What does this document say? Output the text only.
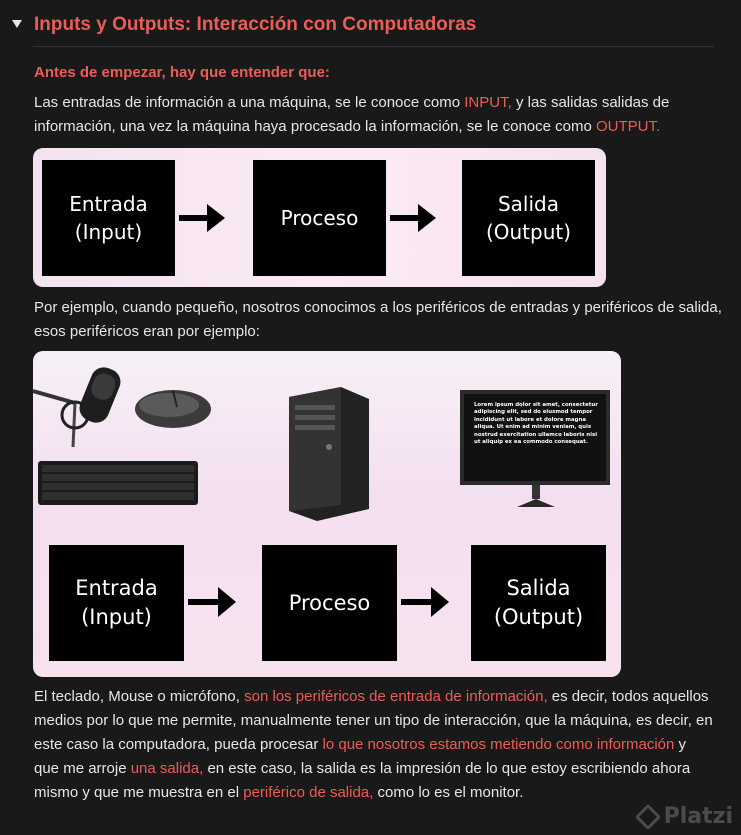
Inputs y Outputs: Interacción con Computadoras
Antes de empezar, hay que entender que:
Las entradas de información a una máquina, se le conoce como INPUT, y las salidas salidas de información, una vez la máquina haya procesado la información, se le conoce como OUTPUT.
Entrada
(Input)
Proceso
Salida
(Output)
Por ejemplo, cuando pequeño, nosotros conocimos a los periféricos de entradas y periféricos de salida, esos periféricos eran por ejemplo:
Lorem ipsum dolor sit amet, consectetur adipiscing elit, sed do eiusmod tempor incididunt ut labore et dolore magna aliqua. Ut enim ad minim veniam, quis nostrud exercitation ullamco laboris nisi ut aliquip ex ea commodo consequat.
Entrada
(Input)
Proceso
Salida
(Output)
El teclado, Mouse o micrófono, son los periféricos de entrada de información, es decir, todos aquellos medios por lo que me permite, manualmente tener un tipo de interacción, que la máquina, es decir, en este caso la computadora, pueda procesar lo que nosotros estamos metiendo como información y que me arroje una salida, en este caso, la salida es la impresión de lo que estoy escribiendo ahora mismo y que me muestra en el periférico de salida, como lo es el monitor.
Platzi
